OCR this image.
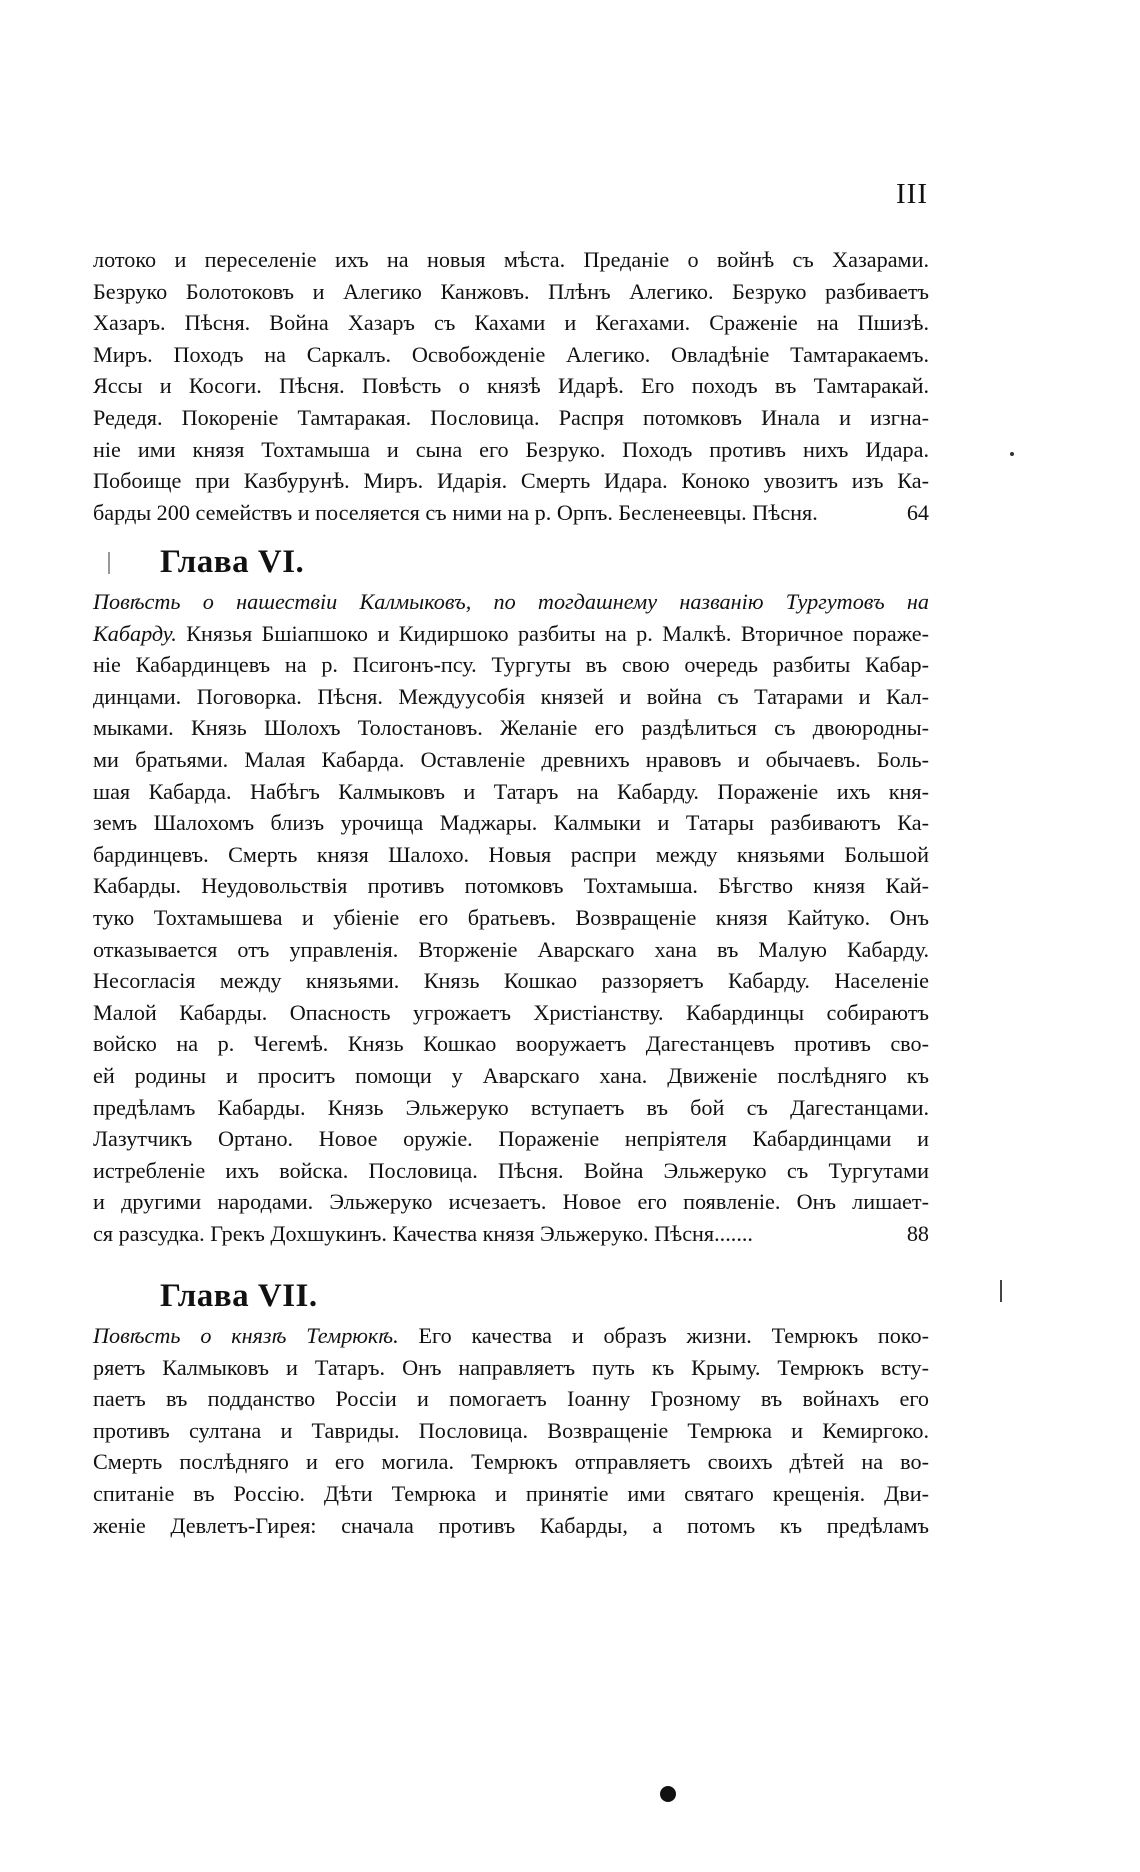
III
лотоко и переселеніе ихъ на новыя мѣста. Преданіе о войнѣ съ Хазарами.
Безруко Болотоковъ и Алегико Канжовъ. Плѣнъ Алегико. Безруко разбиваетъ
Хазаръ. Пѣсня. Война Хазаръ съ Кахами и Кегахами. Сраженіе на Пшизѣ.
Миръ. Походъ на Саркалъ. Освобожденіе Алегико. Овладѣніе Тамтаракаемъ.
Яссы и Косоги. Пѣсня. Повѣсть о князѣ Идарѣ. Его походъ въ Тамтаракай.
Редедя. Покореніе Тамтаракая. Пословица. Распря потомковъ Инала и изгна-
ніе ими князя Тохтамыша и сына его Безруко. Походъ противъ нихъ Идара.
Побоище при Казбурунѣ. Миръ. Идарія. Смерть Идара. Коноко увозитъ изъ Ка-
барды 200 семействъ и поселяется съ ними на р. Орпъ. Бесленеевцы. Пѣсня.	64
Глава VI.
Повѣсть о нашествіи Калмыковъ, по тогдашнему названію Тургутовъ на
Кабарду. Князья Бшіапшоко и Кидиршоко разбиты на р. Малкѣ. Вторичное пораже-
ніе Кабардинцевъ на р. Псигонъ-псу. Тургуты въ свою очередь разбиты Кабар-
динцами. Поговорка. Пѣсня. Междуусобія князей и война съ Татарами и Кал-
мыками. Князь Шолохъ Толостановъ. Желаніе его раздѣлиться съ двоюродны-
ми братьями. Малая Кабарда. Оставленіе древнихъ нравовъ и обычаевъ. Боль-
шая Кабарда. Набѣгъ Калмыковъ и Татаръ на Кабарду. Пораженіе ихъ кня-
земъ Шалохомъ близъ урочища Маджары. Калмыки и Татары разбиваютъ Ка-
бардинцевъ. Смерть князя Шалохо. Новыя распри между князьями Большой
Кабарды. Неудовольствія противъ потомковъ Тохтамыша. Бѣгство князя Кай-
туко Тохтамышева и убіеніе его братьевъ. Возвращеніе князя Кайтуко. Онъ
отказывается отъ управленія. Вторженіе Аварскаго хана въ Малую Кабарду.
Несогласія между князьями. Князь Кошкао раззоряетъ Кабарду. Населеніе
Малой Кабарды. Опасность угрожаетъ Христіанству. Кабардинцы собираютъ
войско на р. Чегемѣ. Князь Кошкао вооружаетъ Дагестанцевъ противъ сво-
ей родины и проситъ помощи у Аварскаго хана. Движеніе послѣдняго къ
предѣламъ Кабарды. Князь Эльжеруко вступаетъ въ бой съ Дагестанцами.
Лазутчикъ Ортано. Новое оружіе. Пораженіе непріятеля Кабардинцами и
истребленіе ихъ войска. Пословица. Пѣсня. Война Эльжеруко съ Тургутами
и другими народами. Эльжеруко исчезаетъ. Новое его появленіе. Онъ лишает-
ся разсудка. Грекъ Дохшукинъ. Качества князя Эльжеруко. Пѣсня.......	88
Глава VII.
Повѣсть о князѣ Темрюкѣ. Его качества и образъ жизни. Темрюкъ поко-
ряетъ Калмыковъ и Татаръ. Онъ направляетъ путь къ Крыму. Темрюкъ всту-
паетъ въ подданство Россіи и помогаетъ Іоанну Грозному въ войнахъ его
противъ султана и Тавриды. Пословица. Возвращеніе Темрюка и Кемиргоко.
Смерть послѣдняго и его могила. Темрюкъ отправляетъ своихъ дѣтей на во-
спитаніе въ Россію. Дѣти Темрюка и принятіе ими святаго крещенія. Дви-
женіе Девлетъ-Гирея: сначала противъ Кабарды, а потомъ къ предѣламъ
